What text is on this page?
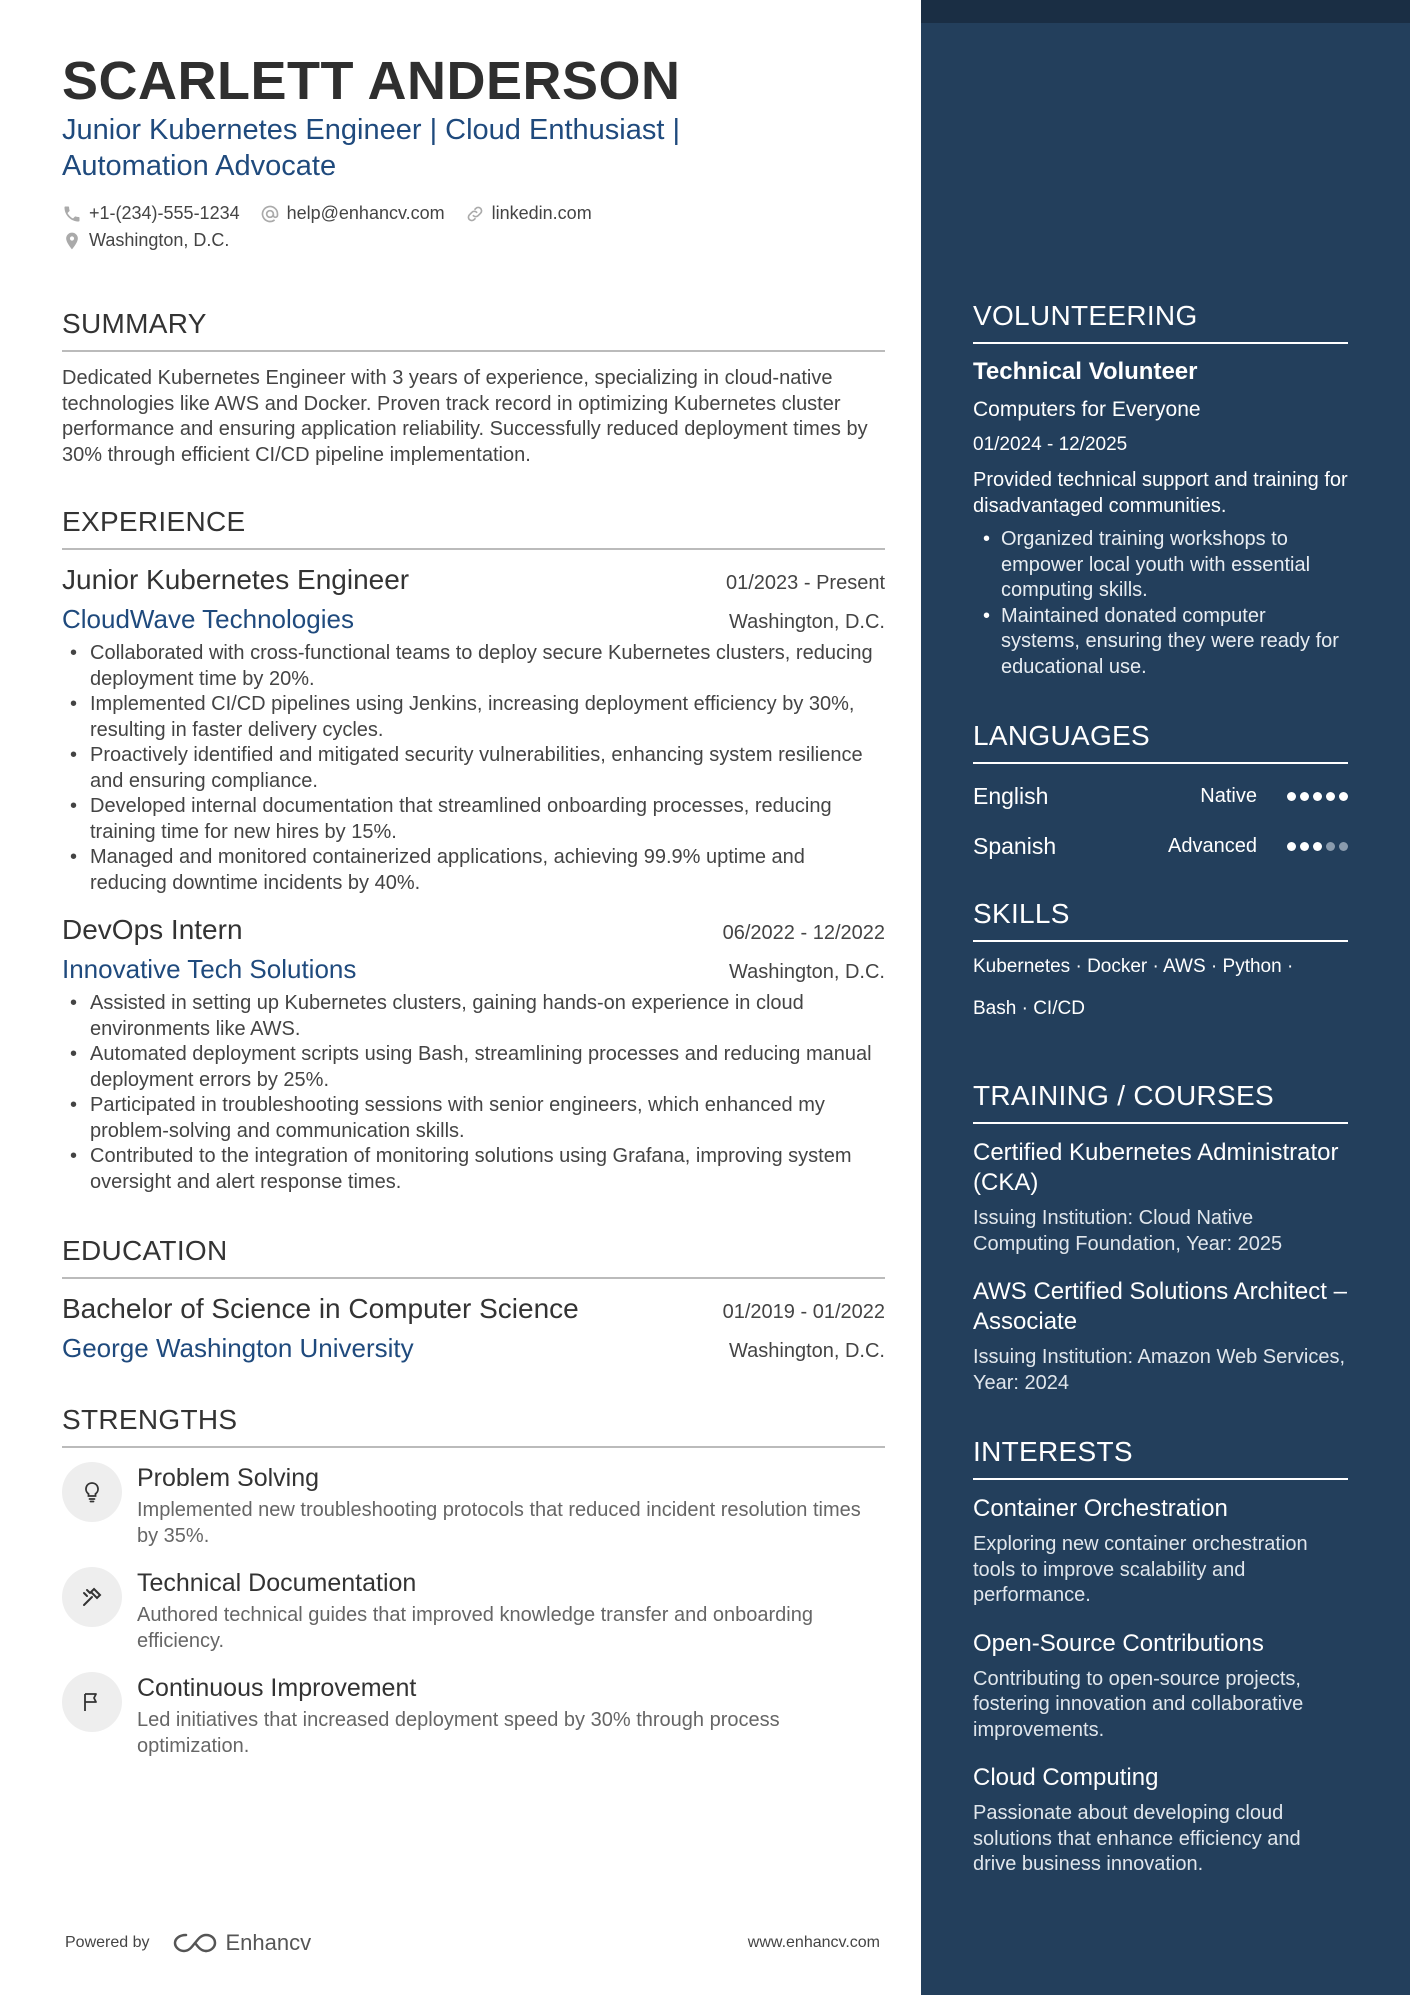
SCARLETT ANDERSON
Junior Kubernetes Engineer | Cloud Enthusiast | Automation Advocate
+1-(234)-555-1234	help@enhancv.com	linkedin.com
Washington, D.C.
SUMMARY
Dedicated Kubernetes Engineer with 3 years of experience, specializing in cloud-native technologies like AWS and Docker. Proven track record in optimizing Kubernetes cluster performance and ensuring application reliability. Successfully reduced deployment times by 30% through efficient CI/CD pipeline implementation.
EXPERIENCE
Junior Kubernetes Engineer	01/2023 - Present
CloudWave Technologies	Washington, D.C.
• Collaborated with cross-functional teams to deploy secure Kubernetes clusters, reducing deployment time by 20%.
• Implemented CI/CD pipelines using Jenkins, increasing deployment efficiency by 30%, resulting in faster delivery cycles.
• Proactively identified and mitigated security vulnerabilities, enhancing system resilience and ensuring compliance.
• Developed internal documentation that streamlined onboarding processes, reducing training time for new hires by 15%.
• Managed and monitored containerized applications, achieving 99.9% uptime and reducing downtime incidents by 40%.
DevOps Intern	06/2022 - 12/2022
Innovative Tech Solutions	Washington, D.C.
• Assisted in setting up Kubernetes clusters, gaining hands-on experience in cloud environments like AWS.
• Automated deployment scripts using Bash, streamlining processes and reducing manual deployment errors by 25%.
• Participated in troubleshooting sessions with senior engineers, which enhanced my problem-solving and communication skills.
• Contributed to the integration of monitoring solutions using Grafana, improving system oversight and alert response times.
EDUCATION
Bachelor of Science in Computer Science	01/2019 - 01/2022
George Washington University	Washington, D.C.
STRENGTHS
Problem Solving
Implemented new troubleshooting protocols that reduced incident resolution times by 35%.
Technical Documentation
Authored technical guides that improved knowledge transfer and onboarding efficiency.
Continuous Improvement
Led initiatives that increased deployment speed by 30% through process optimization.
Powered by	Enhancv	www.enhancv.com
VOLUNTEERING
Technical Volunteer
Computers for Everyone
01/2024 - 12/2025
Provided technical support and training for disadvantaged communities.
• Organized training workshops to empower local youth with essential computing skills.
• Maintained donated computer systems, ensuring they were ready for educational use.
LANGUAGES
English	Native
Spanish	Advanced
SKILLS
Kubernetes · Docker · AWS · Python ·
Bash · CI/CD
TRAINING / COURSES
Certified Kubernetes Administrator (CKA)
Issuing Institution: Cloud Native Computing Foundation, Year: 2025
AWS Certified Solutions Architect – Associate
Issuing Institution: Amazon Web Services, Year: 2024
INTERESTS
Container Orchestration
Exploring new container orchestration tools to improve scalability and performance.
Open-Source Contributions
Contributing to open-source projects, fostering innovation and collaborative improvements.
Cloud Computing
Passionate about developing cloud solutions that enhance efficiency and drive business innovation.
